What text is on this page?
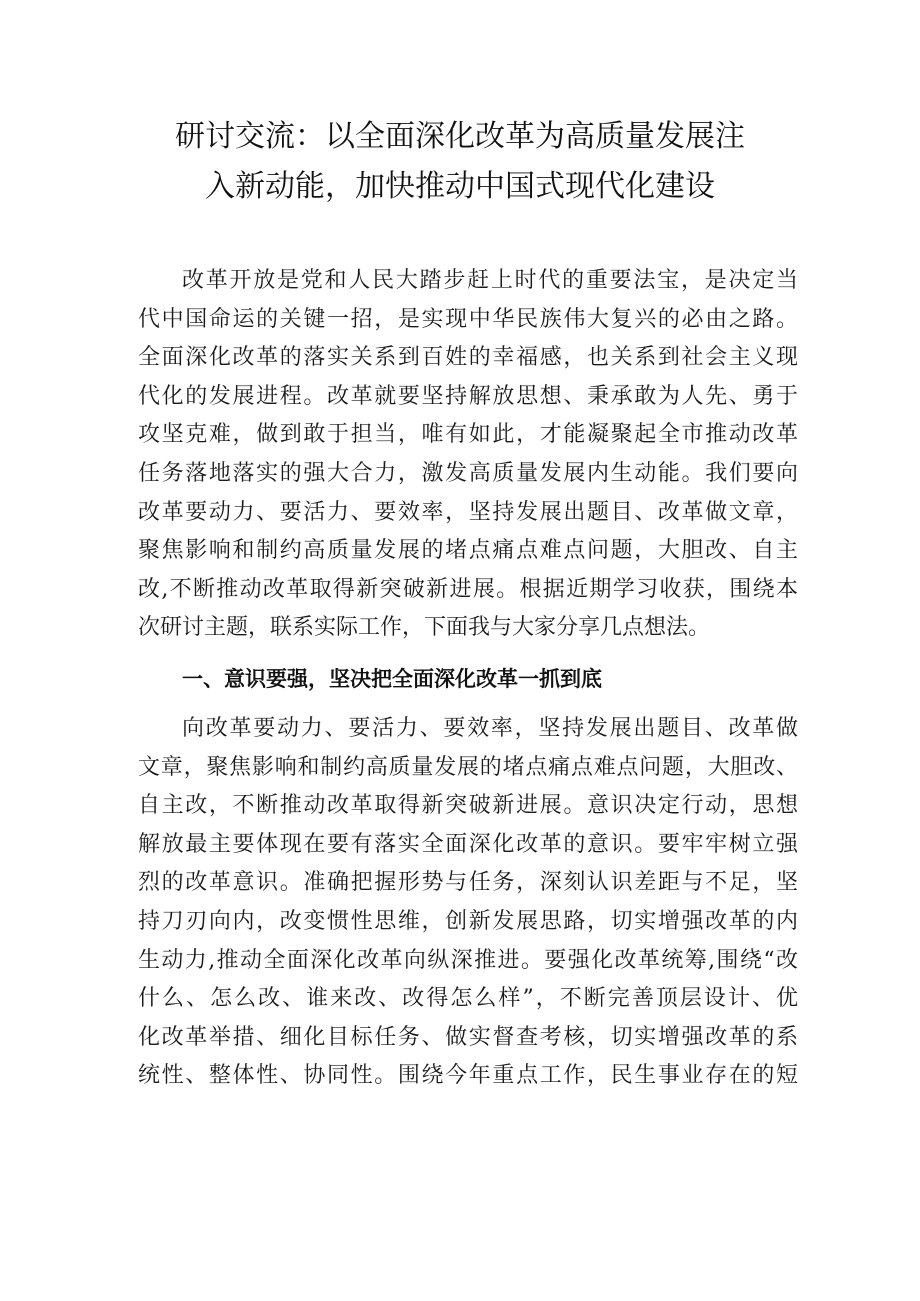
研讨交流：以全面深化改革为高质量发展注
入新动能，加快推动中国式现代化建设

改革开放是党和人民大踏步赶上时代的重要法宝，是决定当
代中国命运的关键一招，是实现中华民族伟大复兴的必由之路。
全面深化改革的落实关系到百姓的幸福感，也关系到社会主义现
代化的发展进程。改革就要坚持解放思想、秉承敢为人先、勇于
攻坚克难，做到敢于担当，唯有如此，才能凝聚起全市推动改革
任务落地落实的强大合力，激发高质量发展内生动能。我们要向
改革要动力、要活力、要效率，坚持发展出题目、改革做文章，
聚焦影响和制约高质量发展的堵点痛点难点问题，大胆改、自主
改,不断推动改革取得新突破新进展。根据近期学习收获，围绕本
次研讨主题，联系实际工作，下面我与大家分享几点想法。

一、意识要强，坚决把全面深化改革一抓到底

向改革要动力、要活力、要效率，坚持发展出题目、改革做
文章，聚焦影响和制约高质量发展的堵点痛点难点问题，大胆改、
自主改，不断推动改革取得新突破新进展。意识决定行动，思想
解放最主要体现在要有落实全面深化改革的意识。要牢牢树立强
烈的改革意识。准确把握形势与任务，深刻认识差距与不足，坚
持刀刃向内，改变惯性思维，创新发展思路，切实增强改革的内
生动力,推动全面深化改革向纵深推进。要强化改革统筹,围绕“改
什么、怎么改、谁来改、改得怎么样”，不断完善顶层设计、优
化改革举措、细化目标任务、做实督查考核，切实增强改革的系
统性、整体性、协同性。围绕今年重点工作，民生事业存在的短
